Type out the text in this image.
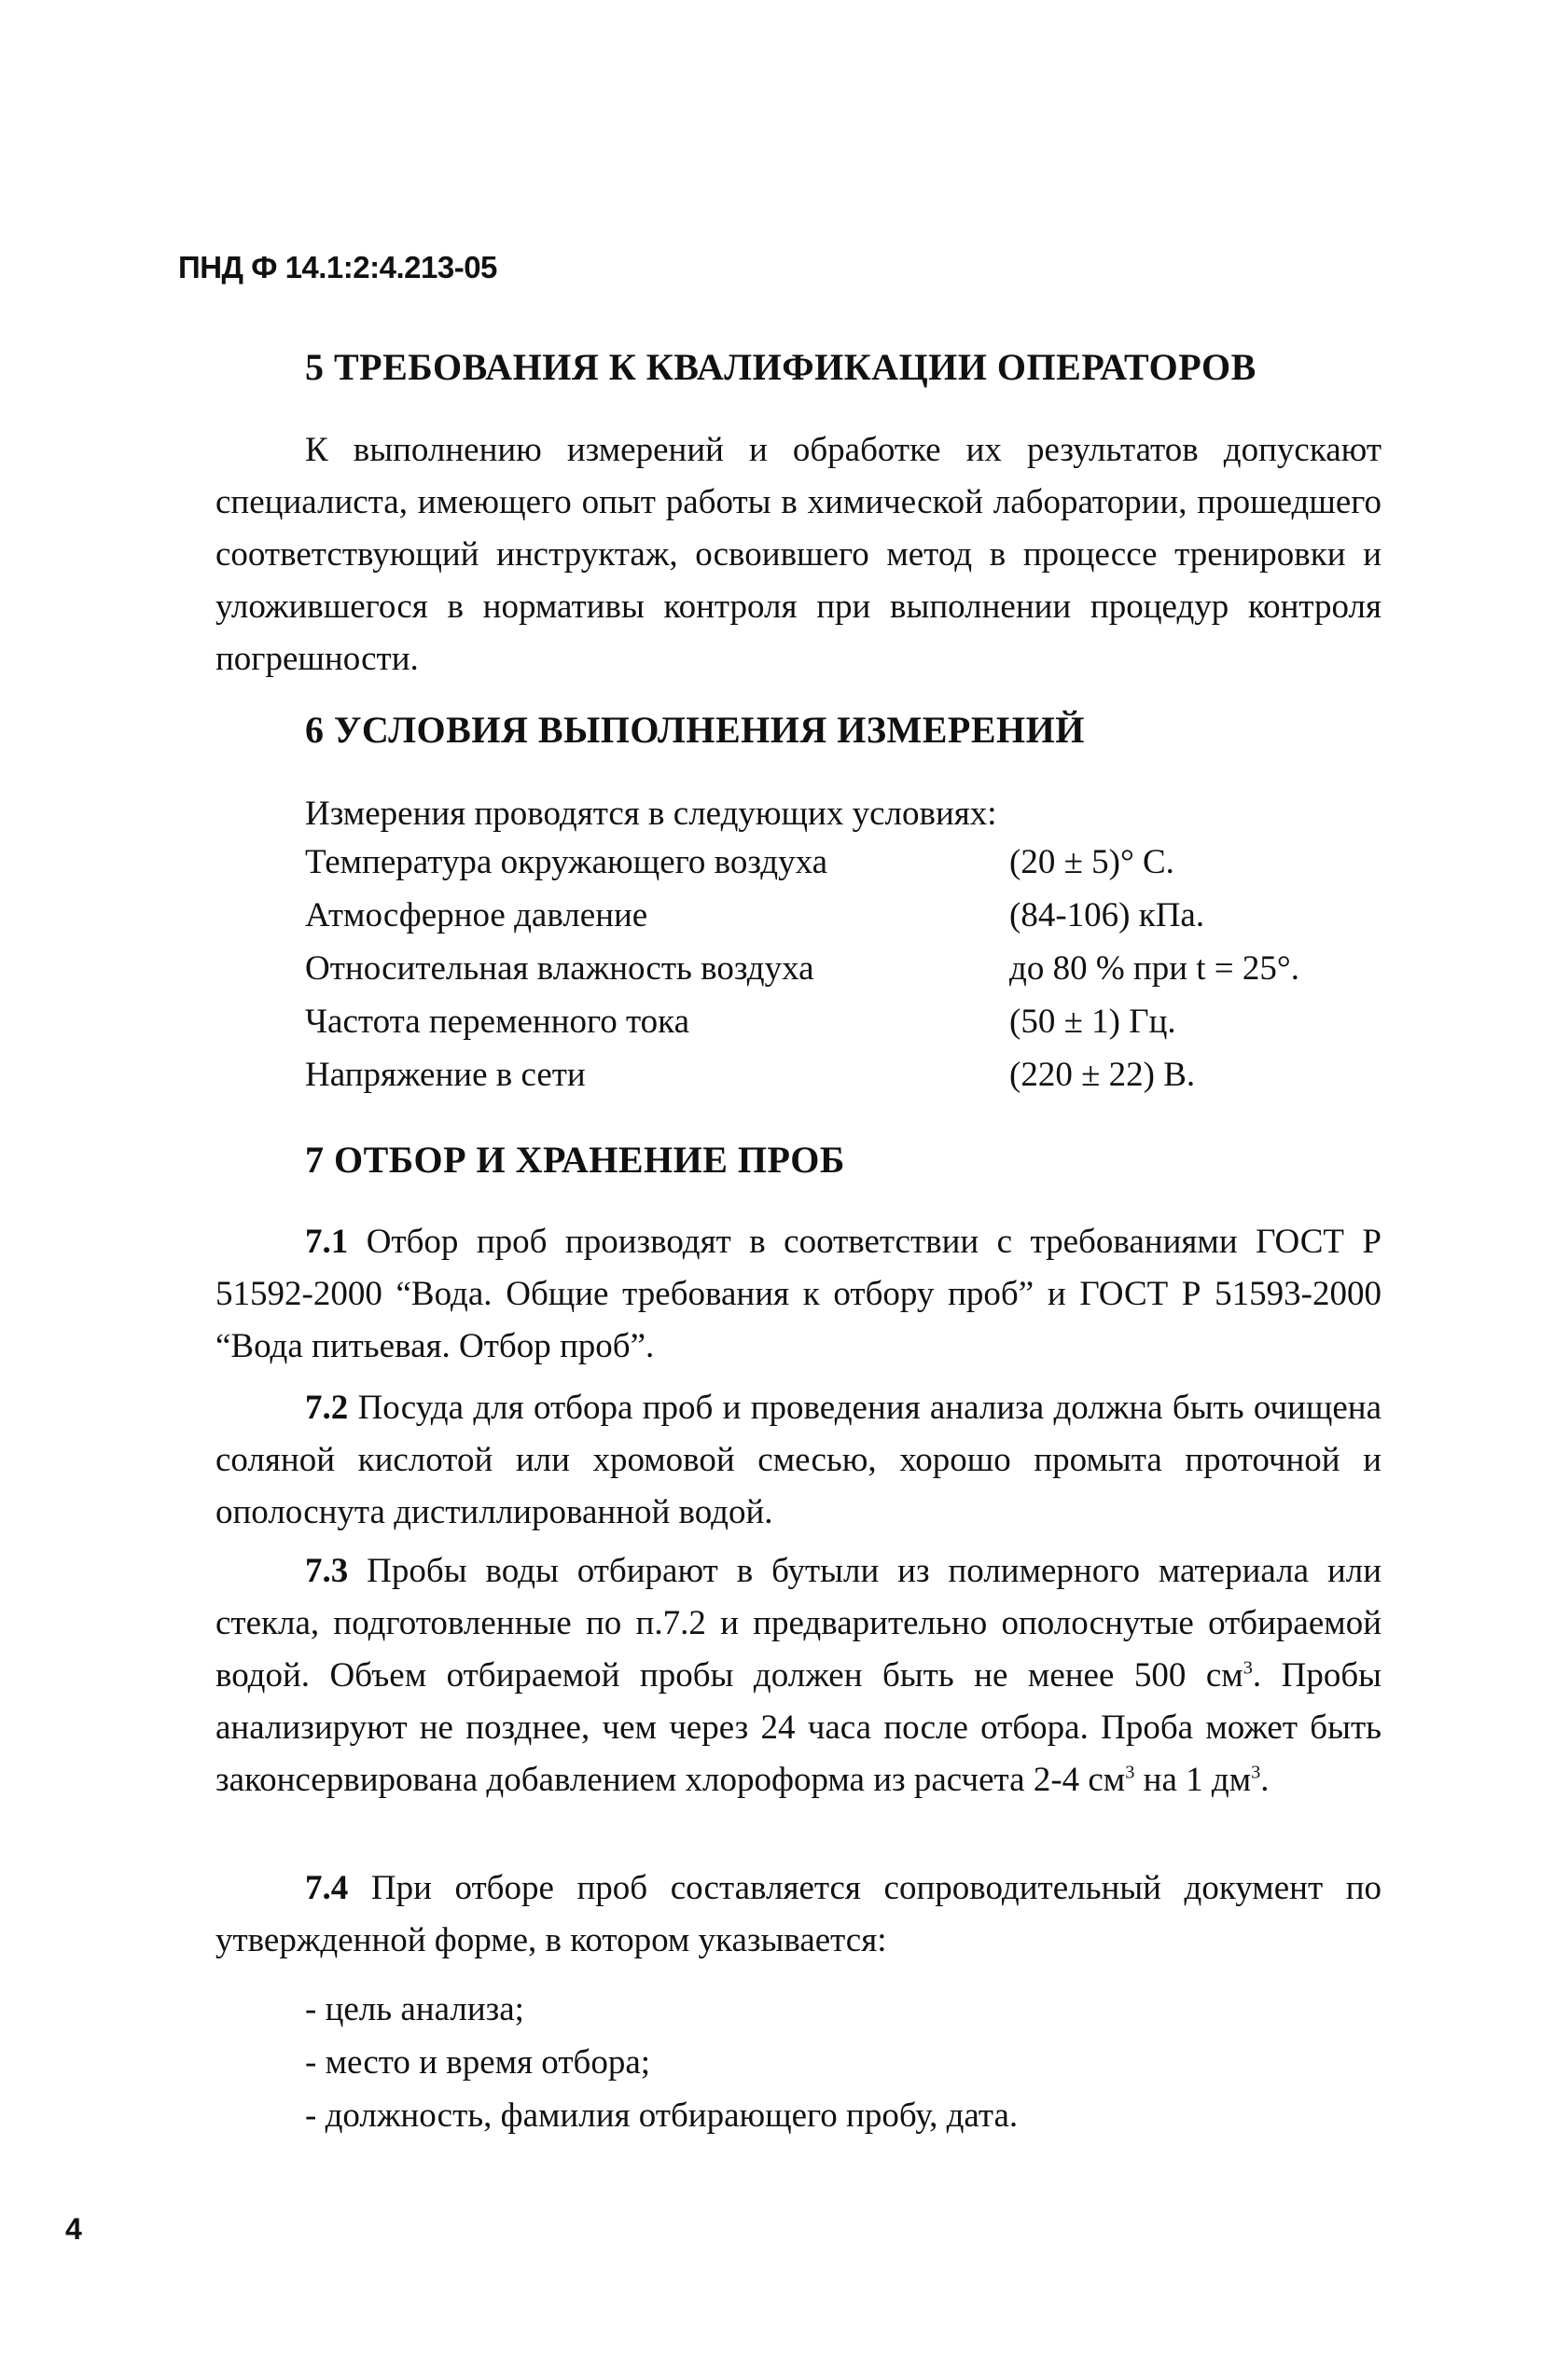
ПНД Ф 14.1:2:4.213-05
5 ТРЕБОВАНИЯ К КВАЛИФИКАЦИИ ОПЕРАТОРОВ

К выполнению измерений и обработке их результатов допускают специалиста, имеющего опыт работы в химической лаборатории, прошедшего соответствующий инструктаж, освоившего метод в процессе тренировки и уложившегося в нормативы контроля при выполнении процедур контроля погрешности.

6 УСЛОВИЯ ВЫПОЛНЕНИЯ ИЗМЕРЕНИЙ
Измерения проводятся в следующих условиях:
Температура окружающего воздуха	(20 ± 5)° С.
Атмосферное давление	(84-106) кПа.
Относительная влажность воздуха	до 80 % при t = 25°.
Частота переменного тока	(50 ± 1) Гц.
Напряжение в сети	(220 ± 22) В.
7 ОТБОР И ХРАНЕНИЕ ПРОБ

7.1 Отбор проб производят в соответствии с требованиями ГОСТ Р 51592-2000 “Вода. Общие требования к отбору проб” и ГОСТ Р 51593-2000 “Вода питьевая. Отбор проб”.

7.2 Посуда для отбора проб и проведения анализа должна быть очищена соляной кислотой или хромовой смесью, хорошо промыта проточной и ополоснута дистиллированной водой.

7.3 Пробы воды отбирают в бутыли из полимерного материала или стекла, подготовленные по п.7.2 и предварительно ополоснутые отбираемой водой. Объем отбираемой пробы должен быть не менее 500 $см^3$. Пробы анализируют не позднее, чем через 24 часа после отбора. Проба может быть законсервирована добавлением хлороформа из расчета 2-4 $см^3$ на 1 $дм^3$.

7.4 При отборе проб составляется сопроводительный документ по утвержденной форме, в котором указывается:

- цель анализа;
- место и время отбора;
- должность, фамилия отбирающего пробу, дата.
4
